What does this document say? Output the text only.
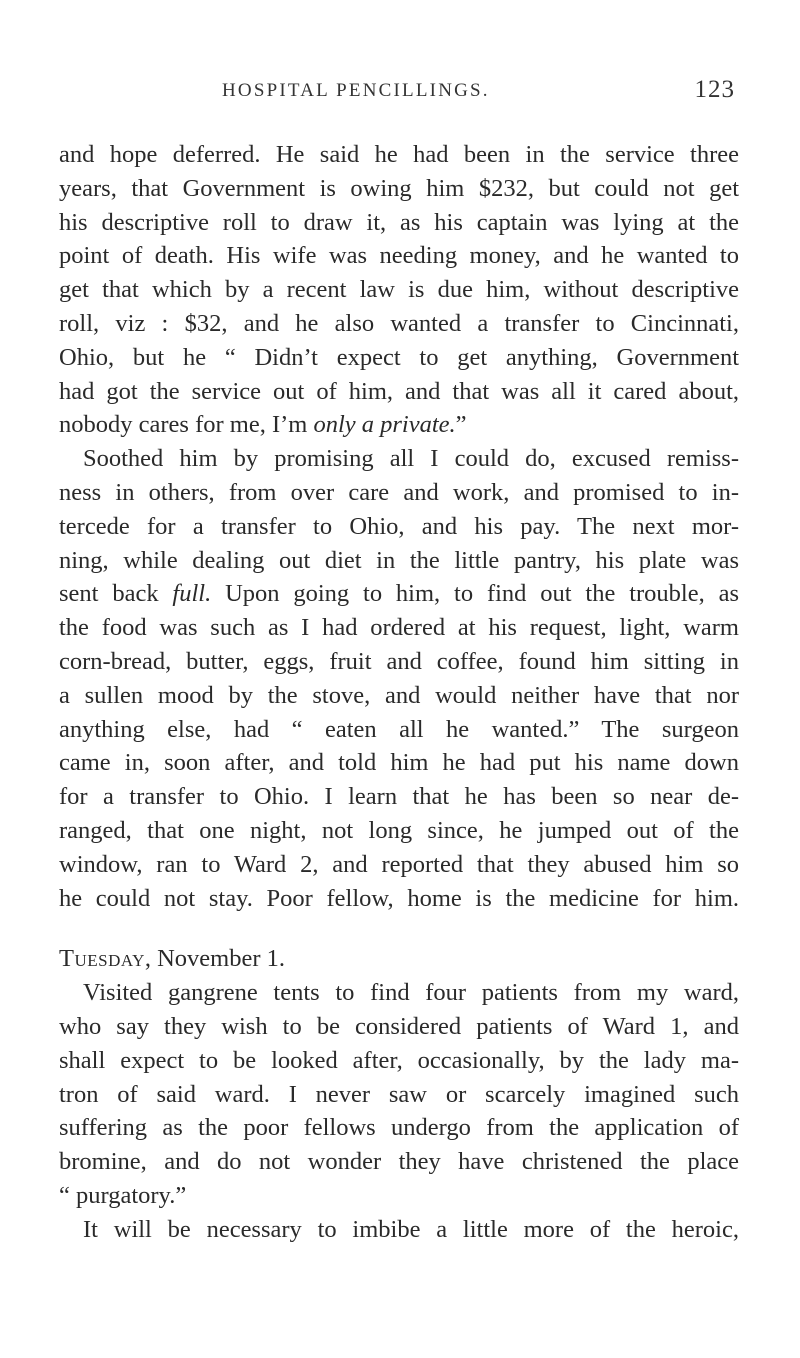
HOSPITAL PENCILLINGS.	123
and hope deferred. He said he had been in the service three
years, that Government is owing him $232, but could not get
his descriptive roll to draw it, as his captain was lying at the
point of death. His wife was needing money, and he wanted to
get that which by a recent law is due him, without descriptive
roll, viz : $32, and he also wanted a transfer to Cincinnati,
Ohio, but he “ Didn’t expect to get anything, Government
had got the service out of him, and that was all it cared about,
nobody cares for me, I’m only a private.”
Soothed him by promising all I could do, excused remiss-
ness in others, from over care and work, and promised to in-
tercede for a transfer to Ohio, and his pay. The next mor-
ning, while dealing out diet in the little pantry, his plate was
sent back full. Upon going to him, to find out the trouble, as
the food was such as I had ordered at his request, light, warm
corn-bread, butter, eggs, fruit and coffee, found him sitting in
a sullen mood by the stove, and would neither have that nor
anything else, had “ eaten all he wanted.” The surgeon
came in, soon after, and told him he had put his name down
for a transfer to Ohio. I learn that he has been so near de-
ranged, that one night, not long since, he jumped out of the
window, ran to Ward 2, and reported that they abused him so
he could not stay. Poor fellow, home is the medicine for him.
Tuesday, November 1.
Visited gangrene tents to find four patients from my ward,
who say they wish to be considered patients of Ward 1, and
shall expect to be looked after, occasionally, by the lady ma-
tron of said ward. I never saw or scarcely imagined such
suffering as the poor fellows undergo from the application of
bromine, and do not wonder they have christened the place
“ purgatory.”
It will be necessary to imbibe a little more of the heroic,
